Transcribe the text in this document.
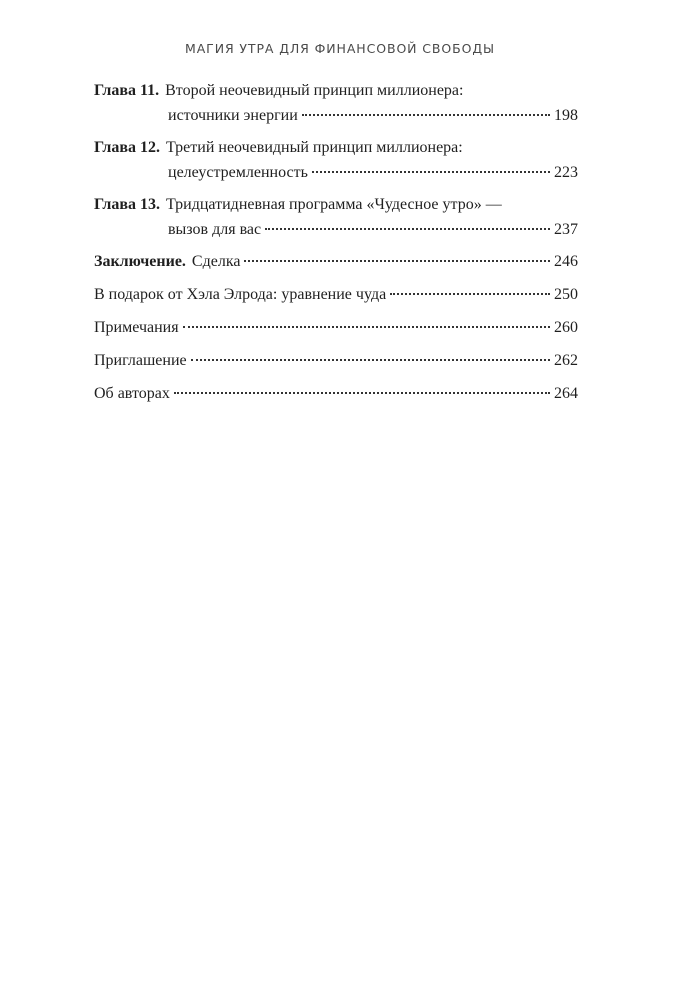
МАГИЯ УТРА ДЛЯ ФИНАНСОВОЙ СВОБОДЫ
Глава 11. Второй неочевидный принцип миллионера:
источники энергии	198
Глава 12. Третий неочевидный принцип миллионера:
целеустремленность	223
Глава 13. Тридцатидневная программа «Чудесное утро» —
вызов для вас	237
Заключение. Сделка	246
В подарок от Хэла Элрода: уравнение чуда	250
Примечания	260
Приглашение	262
Об авторах	264
